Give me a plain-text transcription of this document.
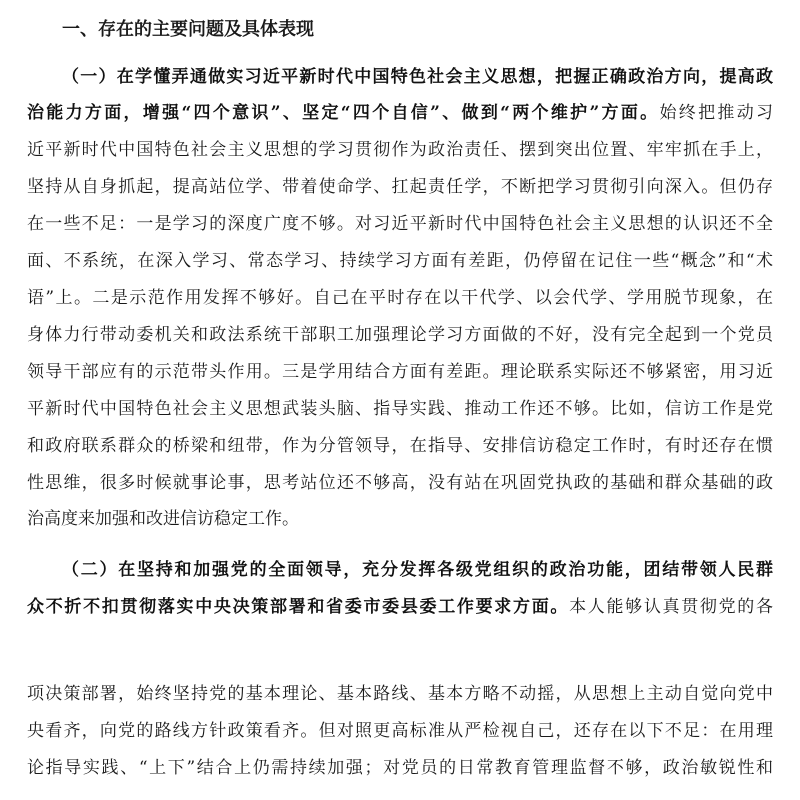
一、存在的主要问题及具体表现
（一）在学懂弄通做实习近平新时代中国特色社会主义思想，把握正确政治方向，提高政
治能力方面，增强“四个意识”、坚定“四个自信”、做到“两个维护”方面。始终把推动习
近平新时代中国特色社会主义思想的学习贯彻作为政治责任、摆到突出位置、牢牢抓在手上，
坚持从自身抓起，提高站位学、带着使命学、扛起责任学，不断把学习贯彻引向深入。但仍存
在一些不足：一是学习的深度广度不够。对习近平新时代中国特色社会主义思想的认识还不全
面、不系统，在深入学习、常态学习、持续学习方面有差距，仍停留在记住一些“概念”和“术
语”上。二是示范作用发挥不够好。自己在平时存在以干代学、以会代学、学用脱节现象，在
身体力行带动委机关和政法系统干部职工加强理论学习方面做的不好，没有完全起到一个党员
领导干部应有的示范带头作用。三是学用结合方面有差距。理论联系实际还不够紧密，用习近
平新时代中国特色社会主义思想武装头脑、指导实践、推动工作还不够。比如，信访工作是党
和政府联系群众的桥梁和纽带，作为分管领导，在指导、安排信访稳定工作时，有时还存在惯
性思维，很多时候就事论事，思考站位还不够高，没有站在巩固党执政的基础和群众基础的政
治高度来加强和改进信访稳定工作。
（二）在坚持和加强党的全面领导，充分发挥各级党组织的政治功能，团结带领人民群
众不折不扣贯彻落实中央决策部署和省委市委县委工作要求方面。本人能够认真贯彻党的各
项决策部署，始终坚持党的基本理论、基本路线、基本方略不动摇，从思想上主动自觉向党中
央看齐，向党的路线方针政策看齐。但对照更高标准从严检视自己，还存在以下不足：在用理
论指导实践、“上下”结合上仍需持续加强；对党员的日常教育管理监督不够，政治敏锐性和
